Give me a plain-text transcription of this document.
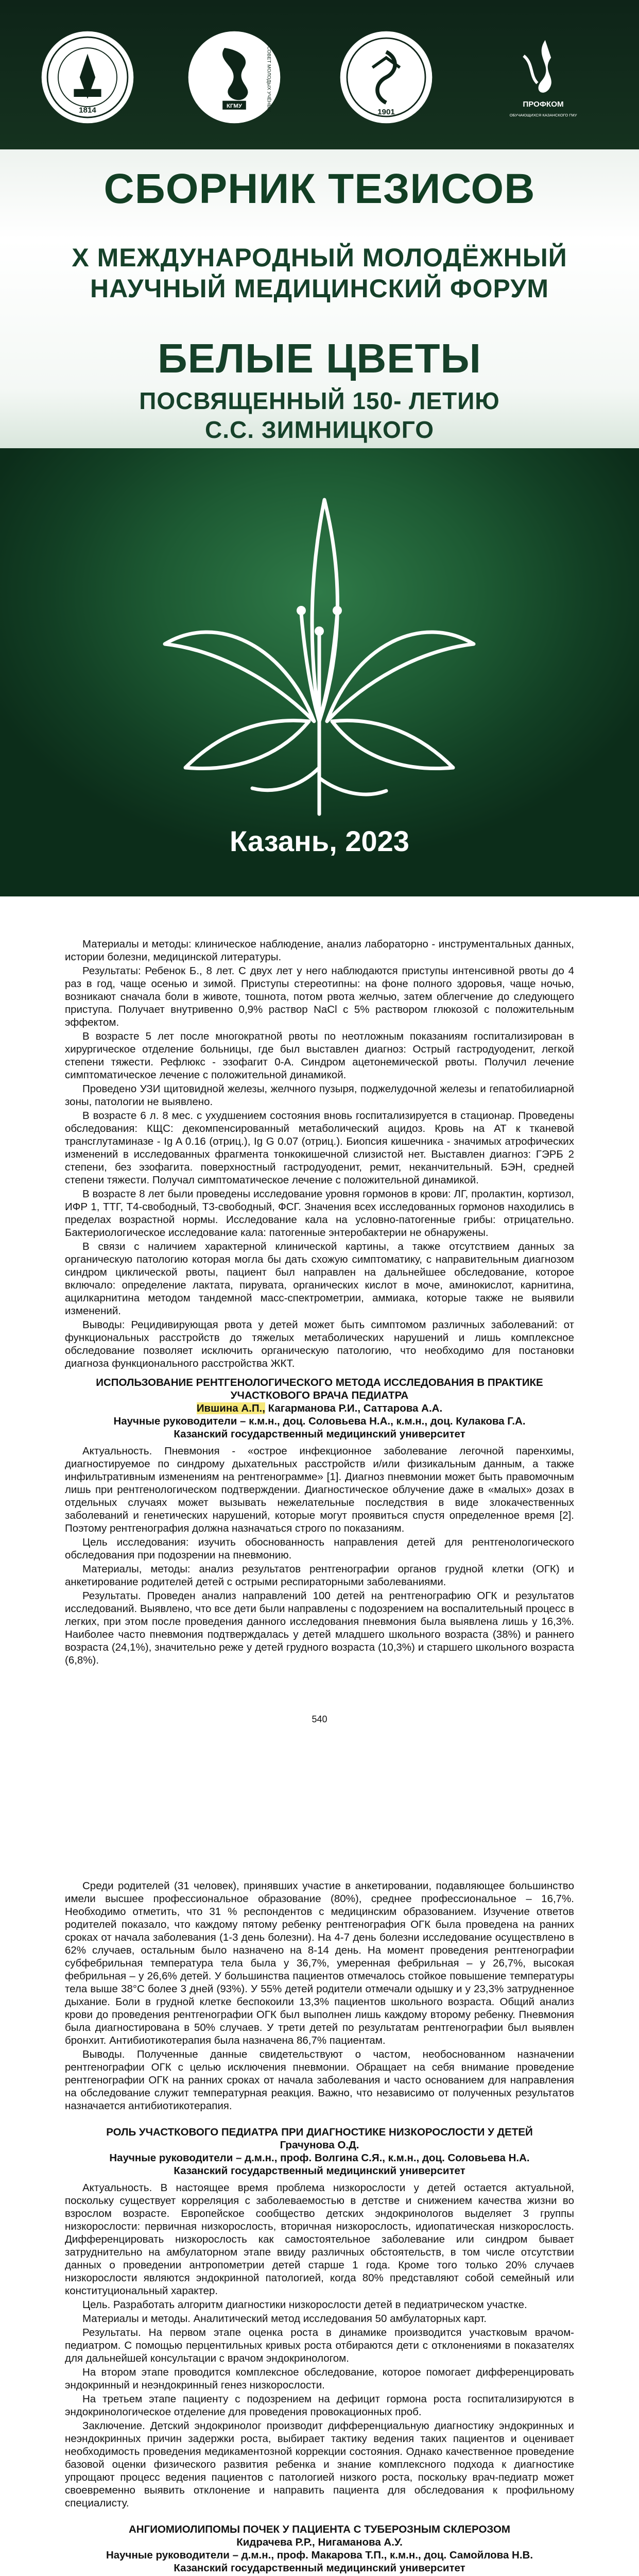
1814	КГМУ	СОВЕТ МОЛОДЫХ УЧЁНЫХ	1901
ПРОФКОМ
ОБУЧАЮЩИХСЯ КАЗАНСКОГО ГМУ
СБОРНИК ТЕЗИСОВ
X МЕЖДУНАРОДНЫЙ МОЛОДЁЖНЫЙ
НАУЧНЫЙ МЕДИЦИНСКИЙ ФОРУМ
БЕЛЫЕ ЦВЕТЫ
ПОСВЯЩЕННЫЙ 150- ЛЕТИЮ
С.С. ЗИМНИЦКОГО
Казань, 2023

Материалы и методы: клиническое наблюдение, анализ лабораторно - инструментальных данных, истории болезни, медицинской литературы.

Результаты: Ребенок Б., 8 лет. С двух лет у него наблюдаются приступы интенсивной рвоты до 4 раз в год, чаще осенью и зимой. Приступы стереотипны: на фоне полного здоровья, чаще ночью, возникают сначала боли в животе, тошнота, потом рвота желчью, затем облегчение до следующего приступа. Получает внутривенно 0,9% раствор NaCl с 5% раствором глюкозой с положительным эффектом.

В возрасте 5 лет после многократной рвоты по неотложным показаниям госпитализирован в хирургическое отделение больницы, где был выставлен диагноз: Острый гастродуоденит, легкой степени тяжести. Рефлюкс - эзофагит 0-А. Синдром ацетонемической рвоты. Получил лечение симптоматическое лечение с положительной динамикой.

Проведено УЗИ щитовидной железы, желчного пузыря, поджелудочной железы и гепатобилиарной зоны, патологии не выявлено.

В возрасте 6 л. 8 мес. с ухудшением состояния вновь госпитализируется в стационар. Проведены обследования: КЩС: декомпенсированный метаболический ацидоз. Кровь на АТ к тканевой трансглутаминазе - Ig A 0.16 (отриц.), Ig G 0.07 (отриц.). Биопсия кишечника - значимых атрофических изменений в исследованных фрагмента тонкокишечной слизистой нет. Выставлен диагноз: ГЭРБ 2 степени, без эзофагита. поверхностный гастродуоденит, ремит, неканчительный. БЭН, средней степени тяжести. Получал симптоматическое лечение с положительной динамикой.

В возрасте 8 лет были проведены исследование уровня гормонов в крови: ЛГ, пролактин, кортизол, ИФР 1, ТТГ, Т4-свободный, Т3-свободный, ФСГ. Значения всех исследованных гормонов находились в пределах возрастной нормы. Исследование кала на условно-патогенные грибы: отрицательно. Бактериологическое исследование кала: патогенные энтеробактерии не обнаружены.

В связи с наличием характерной клинической картины, а также отсутствием данных за органическую патологию которая могла бы дать схожую симптоматику, с направительным диагнозом синдром циклической рвоты, пациент был направлен на дальнейшее обследование, которое включало: определение лактата, пирувата, органических кислот в моче, аминокислот, карнитина, ацилкарнитина методом тандемной масс-спектрометрии, аммиака, которые также не выявили изменений.

Выводы: Рецидивирующая рвота у детей может быть симптомом различных заболеваний: от функциональных расстройств до тяжелых метаболических нарушений и лишь комплексное обследование позволяет исключить органическую патологию, что необходимо для постановки диагноза функционального расстройства ЖКТ.

ИСПОЛЬЗОВАНИЕ РЕНТГЕНОЛОГИЧЕСКОГО МЕТОДА ИССЛЕДОВАНИЯ В ПРАКТИКЕ
УЧАСТКОВОГО ВРАЧА ПЕДИАТРА
Ившина А.П., Кагарманова Р.И., Саттарова А.А.
Научные руководители – к.м.н., доц. Соловьева Н.А., к.м.н., доц. Кулакова Г.А.
Казанский государственный медицинский университет

Актуальность. Пневмония - «острое инфекционное заболевание легочной паренхимы, диагностируемое по синдрому дыхательных расстройств и/или физикальным данным, а также инфильтративным изменениям на рентгенограмме» [1]. Диагноз пневмонии может быть правомочным лишь при рентгенологическом подтверждении. Диагностическое облучение даже в «малых» дозах в отдельных случаях может вызывать нежелательные последствия в виде злокачественных заболеваний и генетических нарушений, которые могут проявиться спустя определенное время [2]. Поэтому рентгенография должна назначаться строго по показаниям.

Цель исследования: изучить обоснованность направления детей для рентгенологического обследования при подозрении на пневмонию.

Материалы, методы: анализ результатов рентгенографии органов грудной клетки (ОГК) и анкетирование родителей детей с острыми респираторными заболеваниями.

Результаты. Проведен анализ направлений 100 детей на рентгенографию ОГК и результатов исследований. Выявлено, что все дети были направлены с подозрением на воспалительный процесс в легких, при этом после проведения данного исследования пневмония была выявлена лишь у 16,3%. Наиболее часто пневмония подтверждалась у детей младшего школьного возраста (38%) и раннего возраста (24,1%), значительно реже у детей грудного возраста (10,3%) и старшего школьного возраста (6,8%).

540

Среди родителей (31 человек), принявших участие в анкетировании, подавляющее большинство имели высшее профессиональное образование (80%), среднее профессиональное – 16,7%. Необходимо отметить, что 31 % респондентов с медицинским образованием. Изучение ответов родителей показало, что каждому пятому ребенку рентгенография ОГК была проведена на ранних сроках от начала заболевания (1-3 день болезни). На 4-7 день болезни исследование осуществлено в 62% случаев, остальным было назначено на 8-14 день. На момент проведения рентгенографии субфебрильная температура тела была у 36,7%, умеренная фебрильная – у 26,7%, высокая фебрильная – у 26,6% детей. У большинства пациентов отмечалось стойкое повышение температуры тела выше 38°С более 3 дней (93%). У 55% детей родители отмечали одышку и у 23,3% затрудненное дыхание. Боли в грудной клетке беспокоили 13,3% пациентов школьного возраста. Общий анализ крови до проведения рентгенографии ОГК был выполнен лишь каждому второму ребенку. Пневмония была диагностирована в 50% случаев. У трети детей по результатам рентгенографии был выявлен бронхит. Антибиотикотерапия была назначена 86,7% пациентам.

Выводы. Полученные данные свидетельствуют о частом, необоснованном назначении рентгенографии ОГК с целью исключения пневмонии. Обращает на себя внимание проведение рентгенографии ОГК на ранних сроках от начала заболевания и часто основанием для направления на обследование служит температурная реакция. Важно, что независимо от полученных результатов назначается антибиотикотерапия.

РОЛЬ УЧАСТКОВОГО ПЕДИАТРА ПРИ ДИАГНОСТИКЕ НИЗКОРОСЛОСТИ У ДЕТЕЙ
Грачунова О.Д.
Научные руководители – д.м.н., проф. Волгина С.Я., к.м.н., доц. Соловьева Н.А.
Казанский государственный медицинский университет

Актуальность. В настоящее время проблема низкорослости у детей остается актуальной, поскольку существует корреляция с заболеваемостью в детстве и снижением качества жизни во взрослом возрасте. Европейское сообщество детских эндокринологов выделяет 3 группы низкорослости: первичная низкорослость, вторичная низкорослость, идиопатическая низкорослость. Дифференцировать низкорослость как самостоятельное заболевание или синдром бывает затруднительно на амбулаторном этапе ввиду различных обстоятельств, в том числе отсутствии данных о проведении антропометрии детей старше 1 года. Кроме того только 20% случаев низкорослости являются эндокринной патологией, когда 80% представляют собой семейный или конституциональный характер.

Цель. Разработать алгоритм диагностики низкорослости детей в педиатрическом участке.

Материалы и методы. Аналитический метод исследования 50 амбулаторных карт.

Результаты. На первом этапе оценка роста в динамике производится участковым врачом-педиатром. С помощью перцентильных кривых роста отбираются дети с отклонениями в показателях для дальнейшей консультации с врачом эндокринологом.

На втором этапе проводится комплексное обследование, которое помогает дифференцировать эндокринный и неэндокринный генез низкорослости.

На третьем этапе пациенту с подозрением на дефицит гормона роста госпитализируются в эндокринологическое отделение для проведения провокационных проб.

Заключение. Детский эндокринолог производит дифференциальную диагностику эндокринных и неэндокринных причин задержки роста, выбирает тактику ведения таких пациентов и оценивает необходимость проведения медикаментозной коррекции состояния. Однако качественное проведение базовой оценки физического развития ребенка и знание комплексного подхода к диагностике упрощают процесс ведения пациентов с патологией низкого роста, поскольку врач-педиатр может своевременно выявить отклонение и направить пациента для обследования к профильному специалисту.

АНГИОМИОЛИПОМЫ ПОЧЕК У ПАЦИЕНТА С ТУБЕРОЗНЫМ СКЛЕРОЗОМ
Кидрачева Р.Р., Нигаманова А.У.
Научные руководители – д.м.н., проф. Макарова Т.П., к.м.н., доц. Самойлова Н.В.
Казанский государственный медицинский университет
